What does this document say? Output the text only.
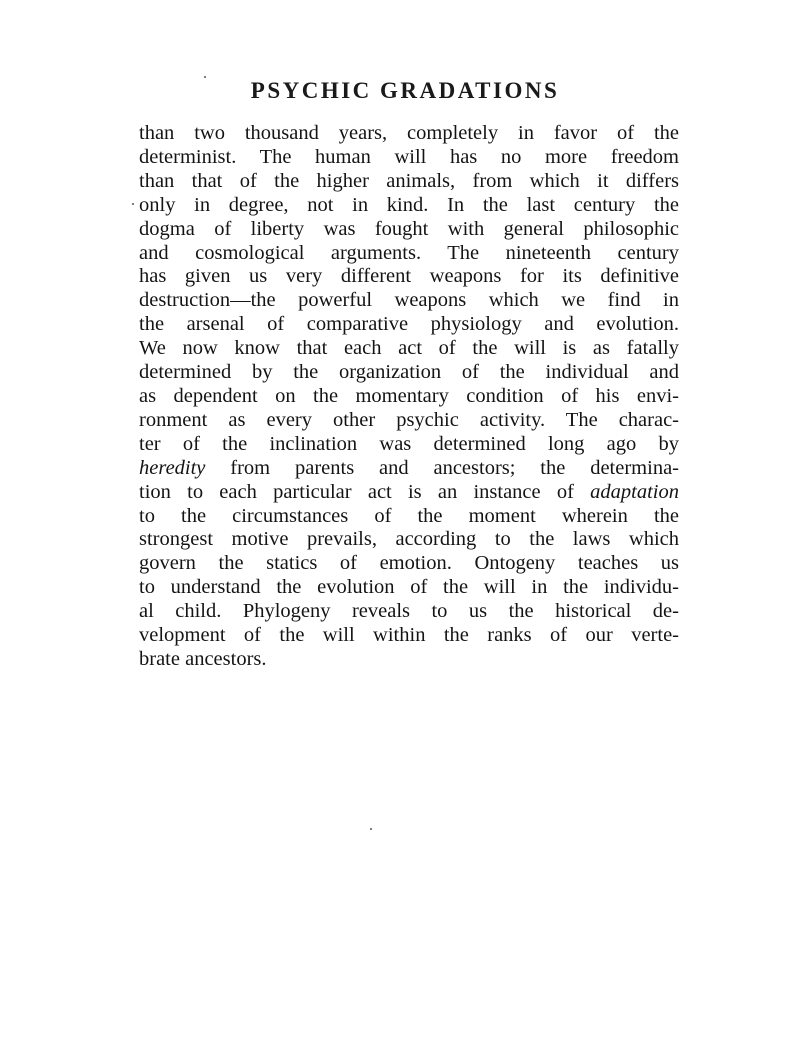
PSYCHIC GRADATIONS
than two thousand years, completely in favor of the
determinist. The human will has no more freedom
than that of the higher animals, from which it differs
only in degree, not in kind. In the last century the
dogma of liberty was fought with general philosophic
and cosmological arguments. The nineteenth century
has given us very different weapons for its definitive
destruction—the powerful weapons which we find in
the arsenal of comparative physiology and evolution.
We now know that each act of the will is as fatally
determined by the organization of the individual and
as dependent on the momentary condition of his envi-
ronment as every other psychic activity. The charac-
ter of the inclination was determined long ago by
heredity from parents and ancestors; the determina-
tion to each particular act is an instance of adaptation
to the circumstances of the moment wherein the
strongest motive prevails, according to the laws which
govern the statics of emotion. Ontogeny teaches us
to understand the evolution of the will in the individu-
al child. Phylogeny reveals to us the historical de-
velopment of the will within the ranks of our verte-
brate ancestors.
